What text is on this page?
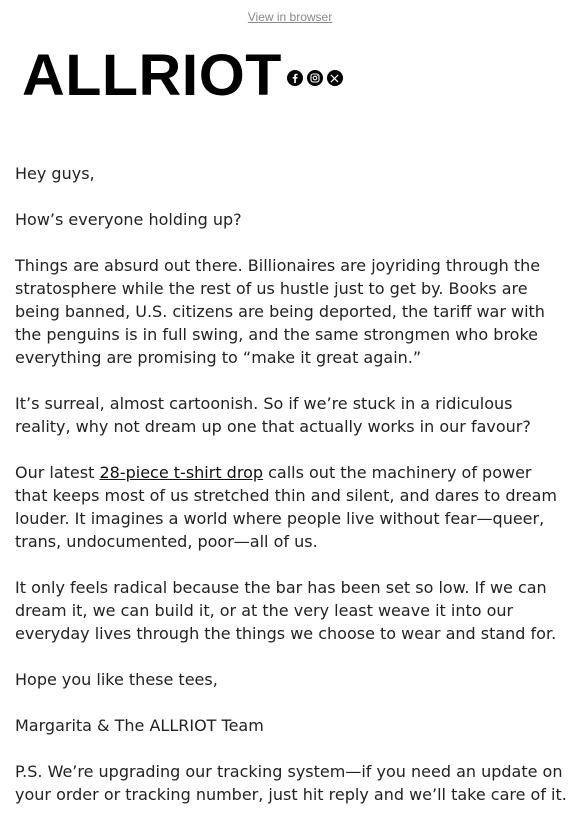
View in browser
ALLRIOT

Hey guys,

How’s everyone holding up?

Things are absurd out there. Billionaires are joyriding through the stratosphere while the rest of us hustle just to get by. Books are being banned, U.S. citizens are being deported, the tariff war with the penguins is in full swing, and the same strongmen who broke everything are promising to “make it great again.”

It’s surreal, almost cartoonish. So if we’re stuck in a ridiculous reality, why not dream up one that actually works in our favour?

Our latest 28-piece t-shirt drop calls out the machinery of power that keeps most of us stretched thin and silent, and dares to dream louder. It imagines a world where people live without fear—queer, trans, undocumented, poor—all of us.

It only feels radical because the bar has been set so low. If we can dream it, we can build it, or at the very least weave it into our everyday lives through the things we choose to wear and stand for.

Hope you like these tees,

Margarita & The ALLRIOT Team

P.S. We’re upgrading our tracking system—if you need an update on your order or tracking number, just hit reply and we’ll take care of it.
